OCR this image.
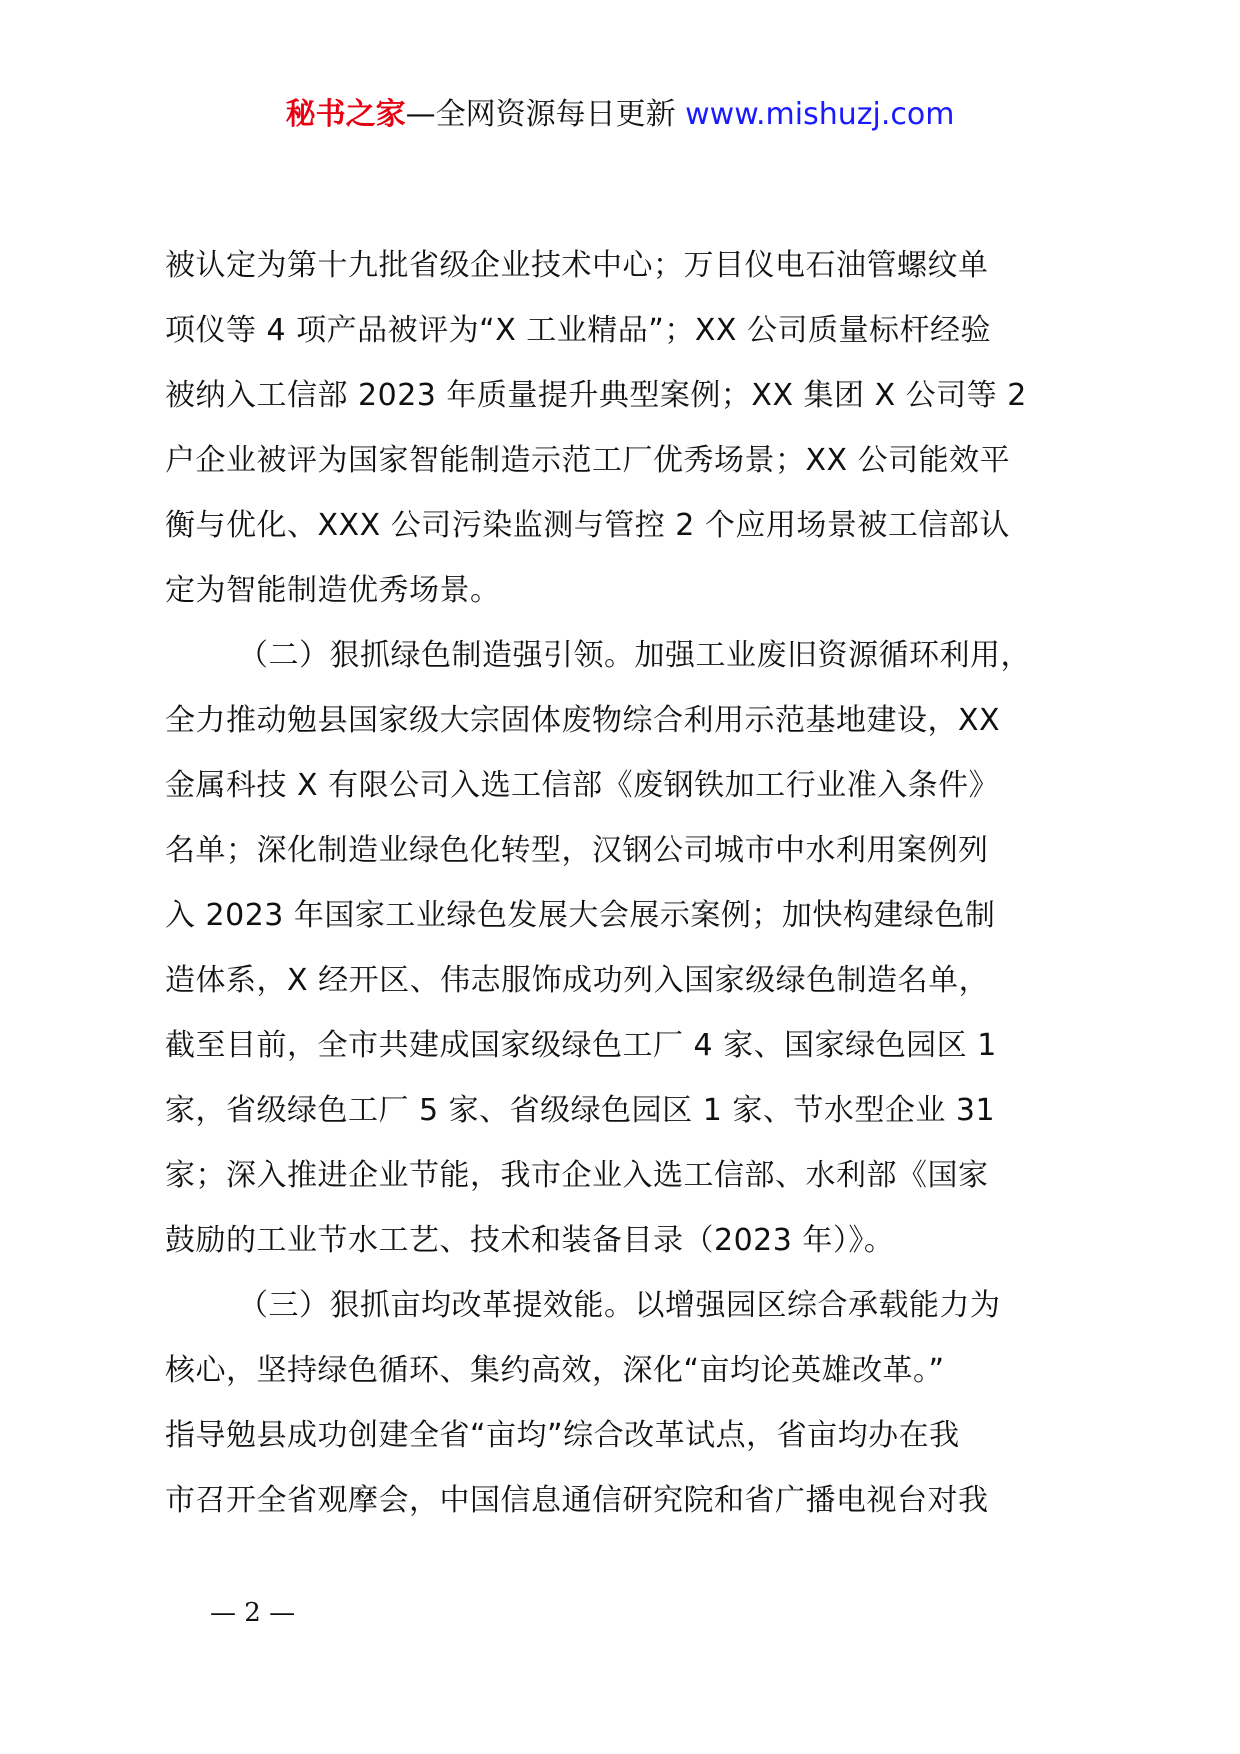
秘书之家—全网资源每日更新 www.mishuzj.com
被认定为第十九批省级企业技术中心；万目仪电石油管螺纹单
项仪等 4 项产品被评为“X 工业精品”；XX 公司质量标杆经验
被纳入工信部 2023 年质量提升典型案例；XX 集团 X 公司等 2
户企业被评为国家智能制造示范工厂优秀场景；XX 公司能效平
衡与优化、XXX 公司污染监测与管控 2 个应用场景被工信部认
定为智能制造优秀场景。
（二）狠抓绿色制造强引领。加强工业废旧资源循环利用，
全力推动勉县国家级大宗固体废物综合利用示范基地建设，XX
金属科技 X 有限公司入选工信部《废钢铁加工行业准入条件》
名单；深化制造业绿色化转型，汉钢公司城市中水利用案例列
入 2023 年国家工业绿色发展大会展示案例；加快构建绿色制
造体系，X 经开区、伟志服饰成功列入国家级绿色制造名单，
截至目前，全市共建成国家级绿色工厂 4 家、国家绿色园区 1
家，省级绿色工厂 5 家、省级绿色园区 1 家、节水型企业 31
家；深入推进企业节能，我市企业入选工信部、水利部《国家
鼓励的工业节水工艺、技术和装备目录（2023 年）》。
（三）狠抓亩均改革提效能。以增强园区综合承载能力为
核心，坚持绿色循环、集约高效，深化“亩均论英雄改革。”
指导勉县成功创建全省“亩均”综合改革试点，省亩均办在我
市召开全省观摩会，中国信息通信研究院和省广播电视台对我
— 2 —
